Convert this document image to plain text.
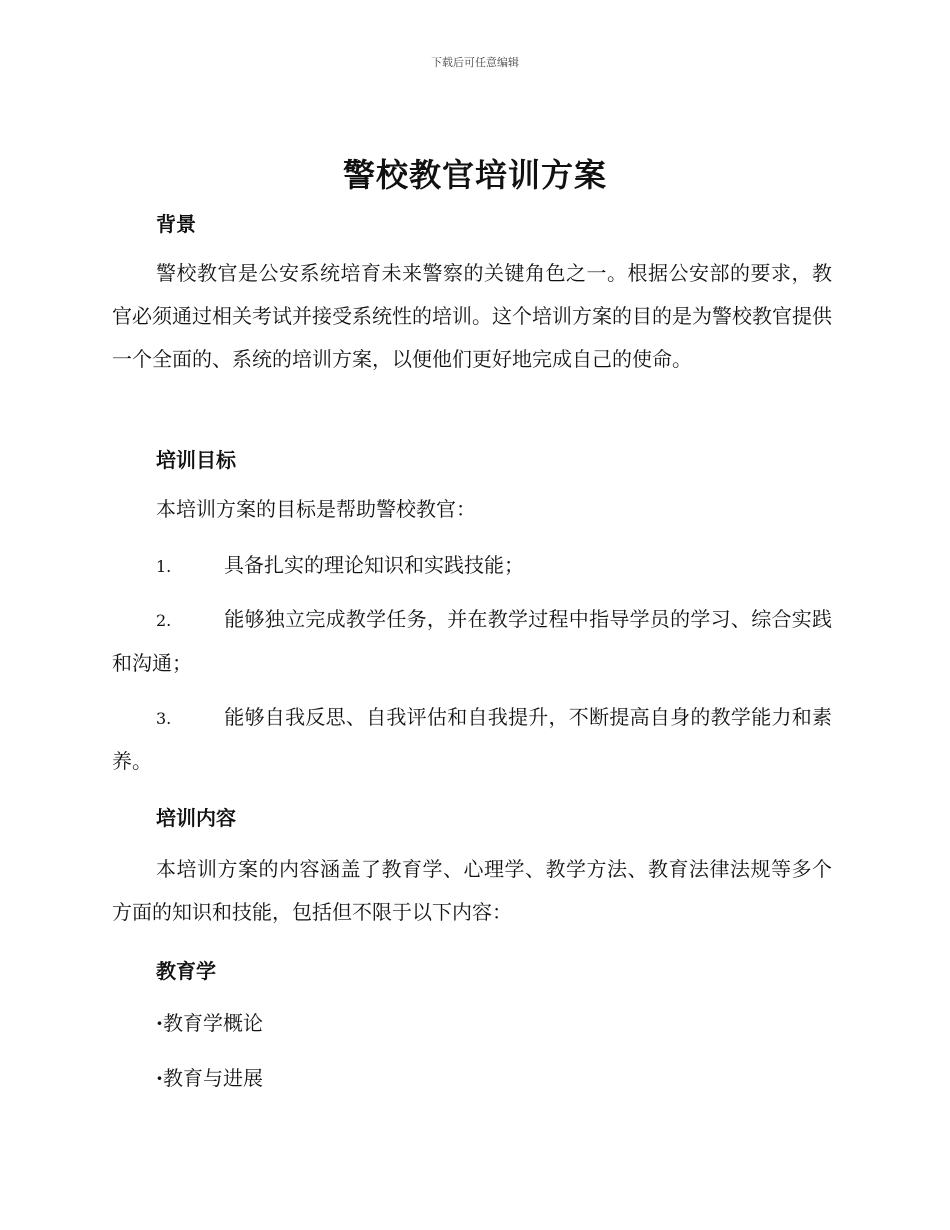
下载后可任意编辑
警校教官培训方案
背景
警校教官是公安系统培育未来警察的关键角色之一。根据公安部的要求，教官必须通过相关考试并接受系统性的培训。这个培训方案的目的是为警校教官提供一个全面的、系统的培训方案，以便他们更好地完成自己的使命。
培训目标
本培训方案的目标是帮助警校教官：
1.	具备扎实的理论知识和实践技能；
2.	能够独立完成教学任务，并在教学过程中指导学员的学习、综合实践和沟通；
3.	能够自我反思、自我评估和自我提升，不断提高自身的教学能力和素养。
培训内容
本培训方案的内容涵盖了教育学、心理学、教学方法、教育法律法规等多个方面的知识和技能，包括但不限于以下内容：
教育学
·教育学概论
·教育与进展
